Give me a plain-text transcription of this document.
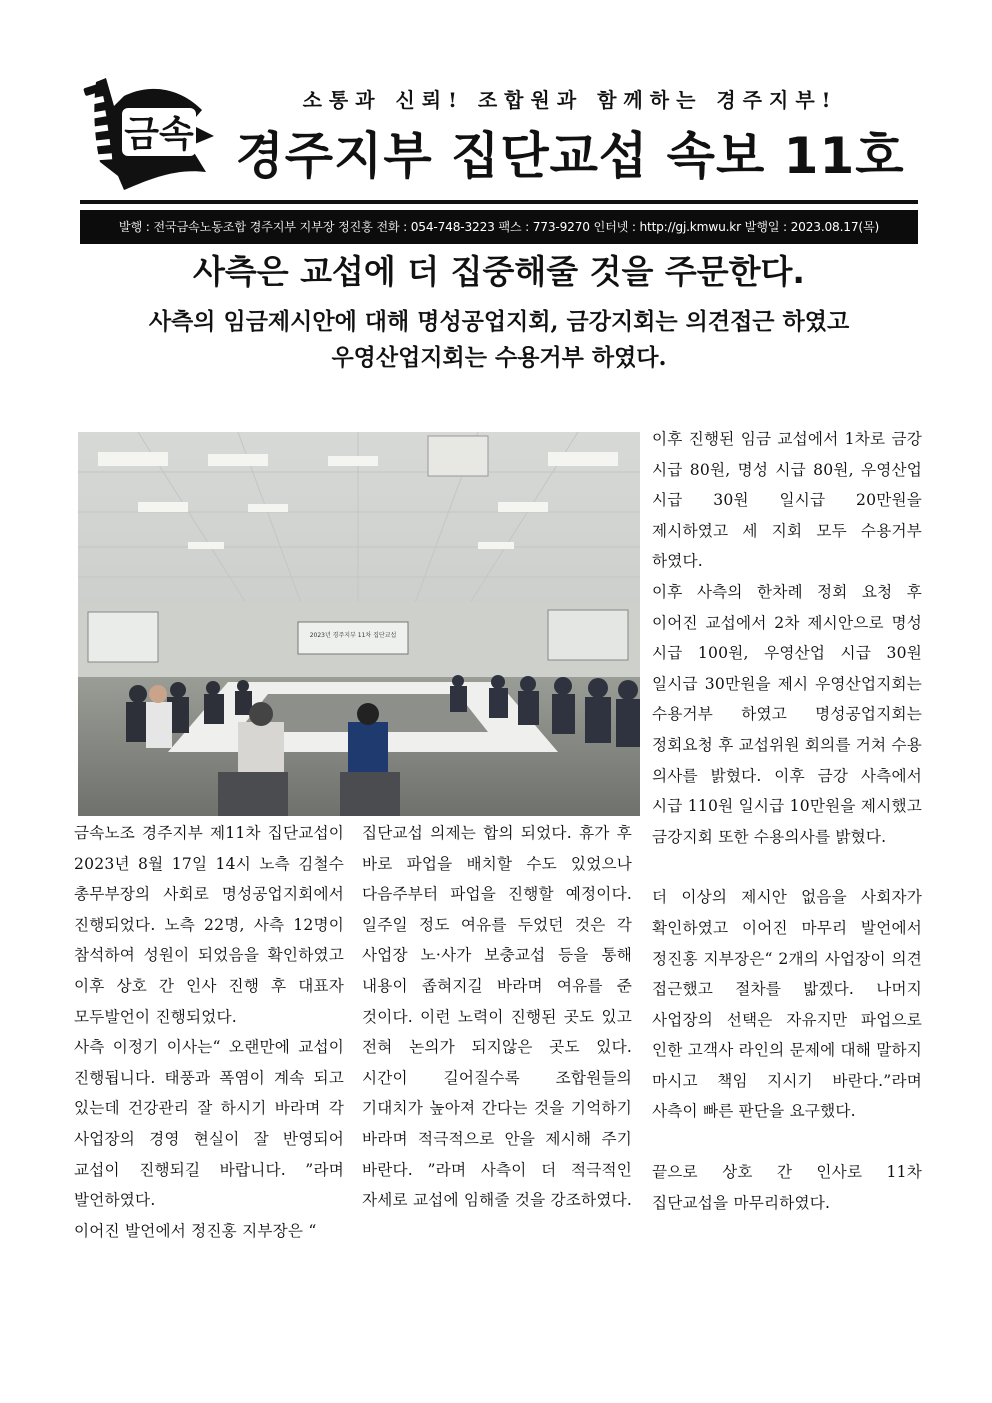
금속
소통과 신뢰! 조합원과 함께하는 경주지부!
경주지부 집단교섭 속보 11호
발행 : 전국금속노동조합 경주지부 지부장 정진홍 전화 : 054-748-3223 팩스 : 773-9270 인터넷 : http://gj.kmwu.kr 발행일 : 2023.08.17(목)
사측은 교섭에 더 집중해줄 것을 주문한다.
사측의 임금제시안에 대해 명성공업지회, 금강지회는 의견접근 하였고
우영산업지회는 수용거부 하였다.
2023년 경주지부 11차 집단교섭

금속노조 경주지부 제11차 집단교섭이 2023년 8월 17일 14시 노측 김철수 총무부장의 사회로 명성공업지회에서 진행되었다. 노측 22명, 사측 12명이 참석하여 성원이 되었음을 확인하였고 이후 상호 간 인사 진행 후 대표자 모두발언이 진행되었다.

사측 이정기 이사는“ 오랜만에 교섭이 진행됩니다. 태풍과 폭염이 계속 되고 있는데 건강관리 잘 하시기 바라며 각 사업장의 경영 현실이 잘 반영되어 교섭이 진행되길 바랍니다. ”라며 발언하였다.

이어진 발언에서 정진홍 지부장은 “

집단교섭 의제는 합의 되었다. 휴가 후 바로 파업을 배치할 수도 있었으나 다음주부터 파업을 진행할 예정이다. 일주일 정도 여유를 두었던 것은 각 사업장 노·사가 보충교섭 등을 통해 내용이 좁혀지길 바라며 여유를 준 것이다. 이런 노력이 진행된 곳도 있고 전혀 논의가 되지않은 곳도 있다. 시간이 길어질수록 조합원들의 기대치가 높아져 간다는 것을 기억하기 바라며 적극적으로 안을 제시해 주기 바란다. ”라며 사측이 더 적극적인 자세로 교섭에 임해줄 것을 강조하였다.

이후 진행된 임금 교섭에서 1차로 금강 시급 80원, 명성 시급 80원, 우영산업 시급 30원 일시급 20만원을 제시하였고 세 지회 모두 수용거부 하였다.

이후 사측의 한차례 정회 요청 후 이어진 교섭에서 2차 제시안으로 명성 시급 100원, 우영산업 시급 30원 일시급 30만원을 제시 우영산업지회는 수용거부 하였고 명성공업지회는 정회요청 후 교섭위원 회의를 거쳐 수용 의사를 밝혔다. 이후 금강 사측에서 시급 110원 일시급 10만원을 제시했고 금강지회 또한 수용의사를 밝혔다.

더 이상의 제시안 없음을 사회자가 확인하였고 이어진 마무리 발언에서 정진홍 지부장은“ 2개의 사업장이 의견 접근했고 절차를 밟겠다. 나머지 사업장의 선택은 자유지만 파업으로 인한 고객사 라인의 문제에 대해 말하지 마시고 책임 지시기 바란다.”라며 사측이 빠른 판단을 요구했다.

끝으로 상호 간 인사로 11차 집단교섭을 마무리하였다.
